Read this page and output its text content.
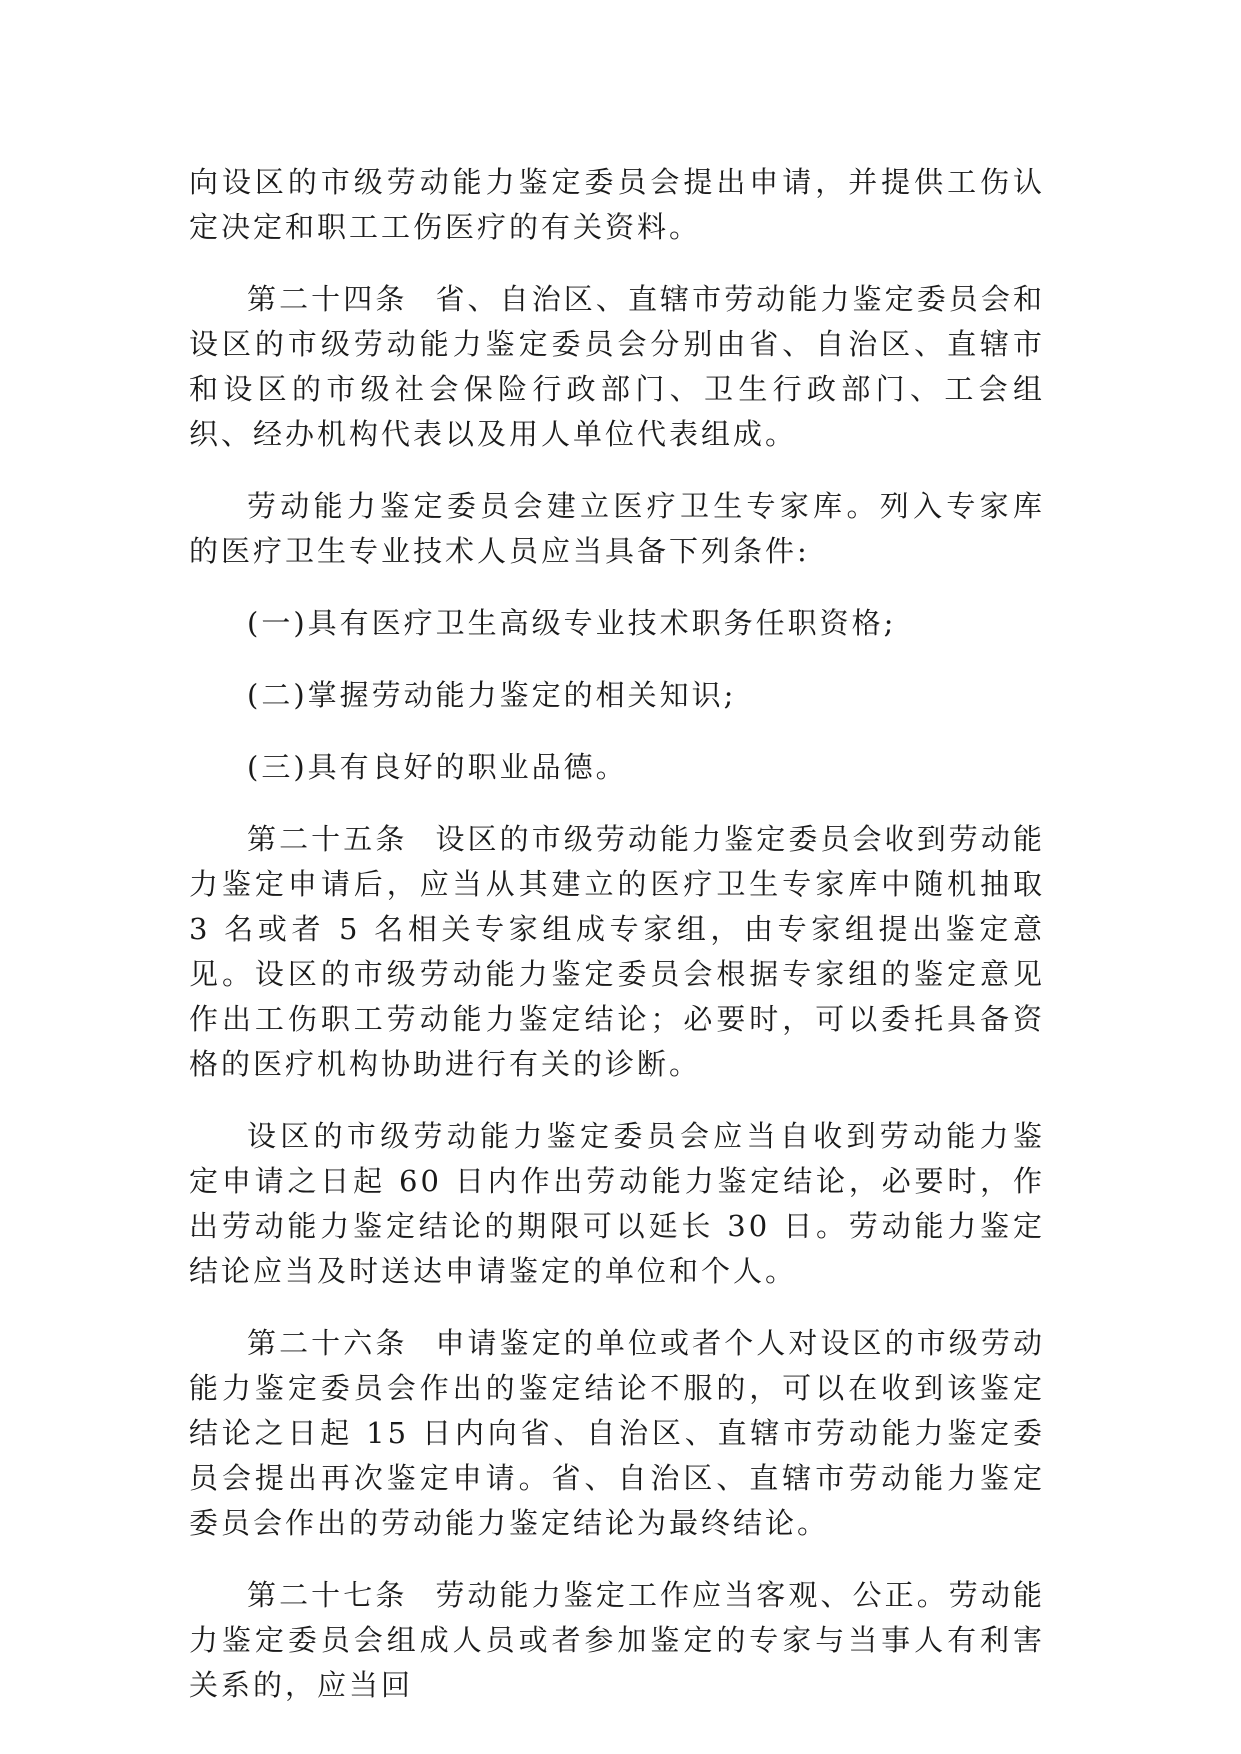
向设区的市级劳动能力鉴定委员会提出申请，并提供工伤认定决定和职工工伤医疗的有关资料。

第二十四条 省、自治区、直辖市劳动能力鉴定委员会和设区的市级劳动能力鉴定委员会分别由省、自治区、直辖市和设区的市级社会保险行政部门、卫生行政部门、工会组织、经办机构代表以及用人单位代表组成。

劳动能力鉴定委员会建立医疗卫生专家库。列入专家库的医疗卫生专业技术人员应当具备下列条件:

(一)具有医疗卫生高级专业技术职务任职资格;

(二)掌握劳动能力鉴定的相关知识;

(三)具有良好的职业品德。

第二十五条 设区的市级劳动能力鉴定委员会收到劳动能力鉴定申请后，应当从其建立的医疗卫生专家库中随机抽取 3 名或者 5 名相关专家组成专家组，由专家组提出鉴定意见。设区的市级劳动能力鉴定委员会根据专家组的鉴定意见作出工伤职工劳动能力鉴定结论；必要时，可以委托具备资格的医疗机构协助进行有关的诊断。

设区的市级劳动能力鉴定委员会应当自收到劳动能力鉴定申请之日起 60 日内作出劳动能力鉴定结论，必要时，作出劳动能力鉴定结论的期限可以延长 30 日。劳动能力鉴定结论应当及时送达申请鉴定的单位和个人。

第二十六条 申请鉴定的单位或者个人对设区的市级劳动能力鉴定委员会作出的鉴定结论不服的，可以在收到该鉴定结论之日起 15 日内向省、自治区、直辖市劳动能力鉴定委员会提出再次鉴定申请。省、自治区、直辖市劳动能力鉴定委员会作出的劳动能力鉴定结论为最终结论。

第二十七条 劳动能力鉴定工作应当客观、公正。劳动能力鉴定委员会组成人员或者参加鉴定的专家与当事人有利害关系的，应当回
